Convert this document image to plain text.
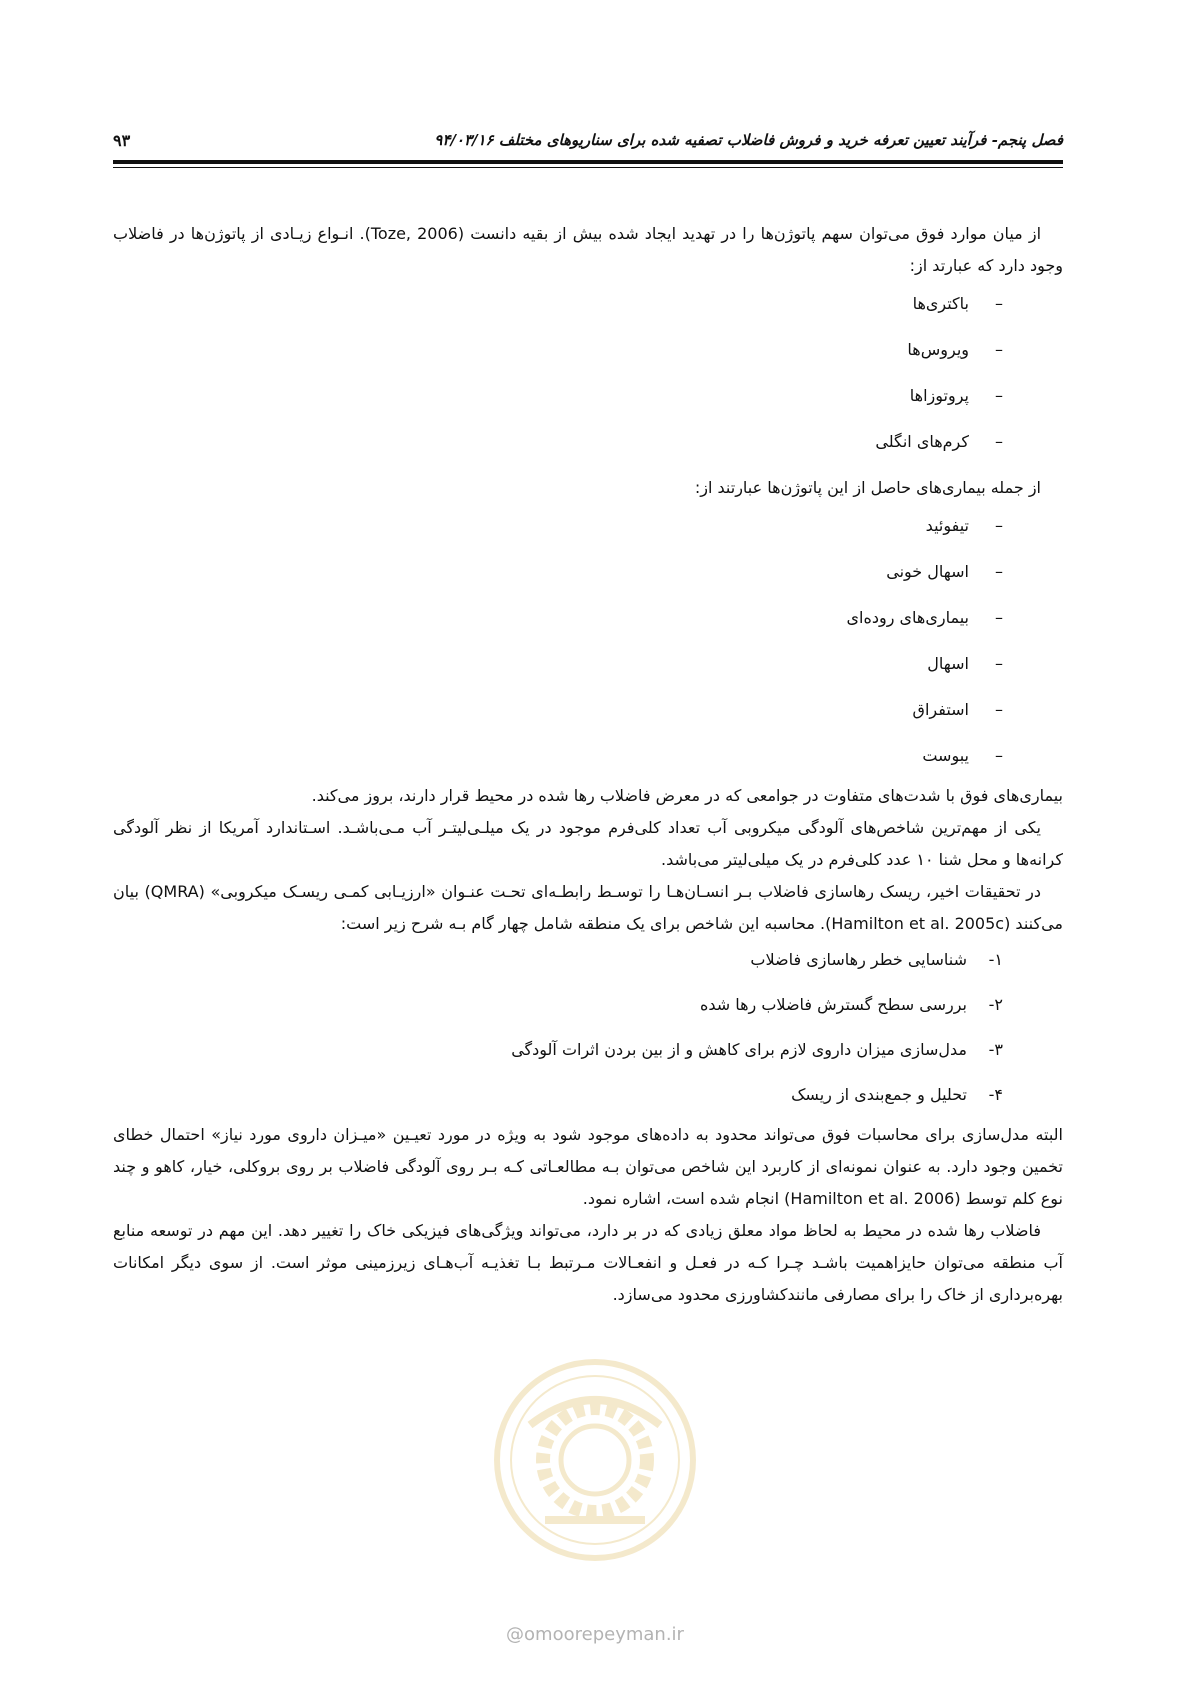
فصل پنجم- فرآیند تعیین تعرفه خرید و فروش فاضلاب تصفیه شده برای سناریوهای مختلف ۹۴/۰۳/۱۶
۹۳

از میان موارد فوق می‌توان سهم پاتوژن‌ها را در تهدید ایجاد شده بیش از بقیه دانست (Toze, 2006). انـواع زیـادی از پاتوژن‌ها در فاضلاب وجود دارد که عبارتد از:

–
باکتری‌ها
–
ویروس‌ها
–
پروتوزاها
–
کرم‌های انگلی

از جمله بیماری‌های حاصل از این پاتوژن‌ها عبارتند از:

–
تیفوئید
–
اسهال خونی
–
بیماری‌های روده‌ای
–
اسهال
–
استفراق
–
یبوست

بیماری‌های فوق با شدت‌های متفاوت در جوامعی که در معرض فاضلاب رها شده در محیط قرار دارند، بروز می‌کند.

یکی از مهم‌ترین شاخص‌های آلودگی میکروبی آب تعداد کلی‌فرم موجود در یک میلـی‌لیتـر آب مـی‌باشـد. اسـتاندارد آمریکا از نظر آلودگی کرانه‌ها و محل شنا ۱۰ عدد کلی‌فرم در یک میلی‌لیتر می‌باشد.

در تحقیقات اخیر، ریسک رهاسازی فاضلاب بـر انسـان‌هـا را توسـط رابطـه‌ای تحـت عنـوان «ارزیـابی کمـی ریسـک میکروبی» (QMRA) بیان می‌کنند (Hamilton et al. 2005c). محاسبه این شاخص برای یک منطقه شامل چهار گام بـه شرح زیر است:

۱-
شناسایی خطر رهاسازی فاضلاب
۲-
بررسی سطح گسترش فاضلاب رها شده
۳-
مدل‌سازی میزان داروی لازم برای کاهش و از بین بردن اثرات آلودگی
۴-
تحلیل و جمع‌بندی از ریسک

البته مدل‌سازی برای محاسبات فوق می‌تواند محدود به داده‌های موجود شود به ویژه در مورد تعیـین «میـزان داروی مورد نیاز» احتمال خطای تخمین وجود دارد. به عنوان نمونه‌ای از کاربرد این شاخص می‌توان بـه مطالعـاتی کـه بـر روی آلودگی فاضلاب بر روی بروکلی، خیار، کاهو و چند نوع کلم توسط (Hamilton et al. 2006) انجام شده است، اشاره نمود.

فاضلاب رها شده در محیط به لحاظ مواد معلق زیادی که در بر دارد، می‌تواند ویژگی‌های فیزیکی خاک را تغییر دهد. این مهم در توسعه منابع آب منطقه می‌توان حایزاهمیت باشـد چـرا کـه در فعـل و انفعـالات مـرتبط بـا تغذیـه آب‌هـای زیرزمینی موثر است. از سوی دیگر امکانات بهره‌برداری از خاک را برای مصارفی مانندکشاورزی محدود می‌سازد.

@omoorepeyman.ir
